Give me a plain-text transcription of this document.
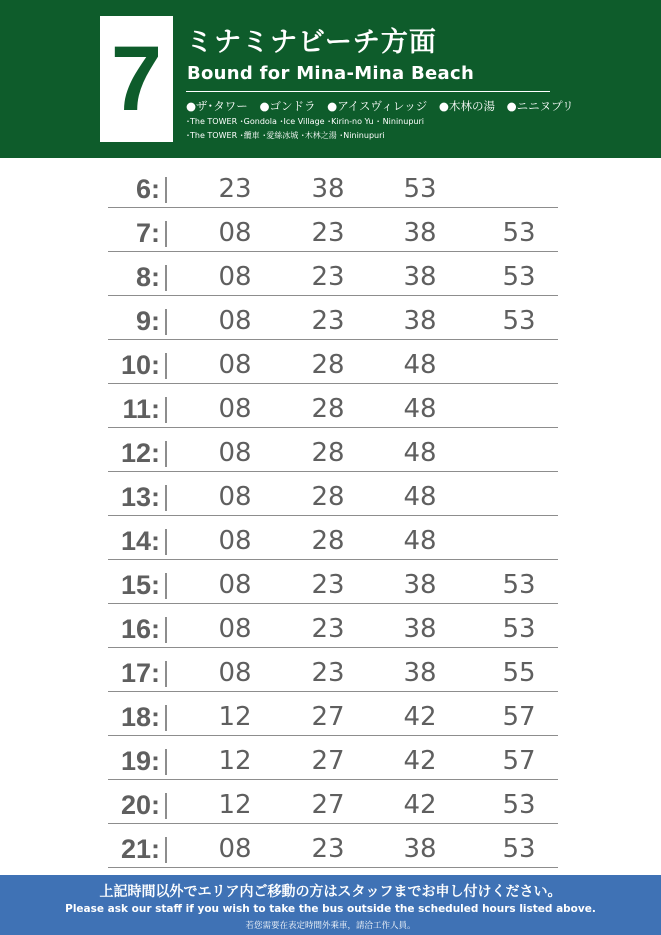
7 ミナミナビーチ方面
Bound for Mina-Mina Beach
●ザ･タワー ●ゴンドラ ●アイスヴィレッジ ●木林の湯 ●ニニヌプリ
･The TOWER ･Gondola ･Ice Village ･Kirin-no Yu ･ Nininupuri
･The TOWER ･纜車 ･愛絲冰城 ･木林之湯 ･Nininupuri
6:	23	38	53
7:	08	23	38	53
8:	08	23	38	53
9:	08	23	38	53
10:	08	28	48
11:	08	28	48
12:	08	28	48
13:	08	28	48
14:	08	28	48
15:	08	23	38	53
16:	08	23	38	53
17:	08	23	38	55
18:	12	27	42	57
19:	12	27	42	57
20:	12	27	42	53
21:	08	23	38	53
上記時間以外でエリア内ご移動の方はスタッフまでお申し付けください。
Please ask our staff if you wish to take the bus outside the scheduled hours listed above.
若您需要在表定時間外乘車，請洽工作人員。
